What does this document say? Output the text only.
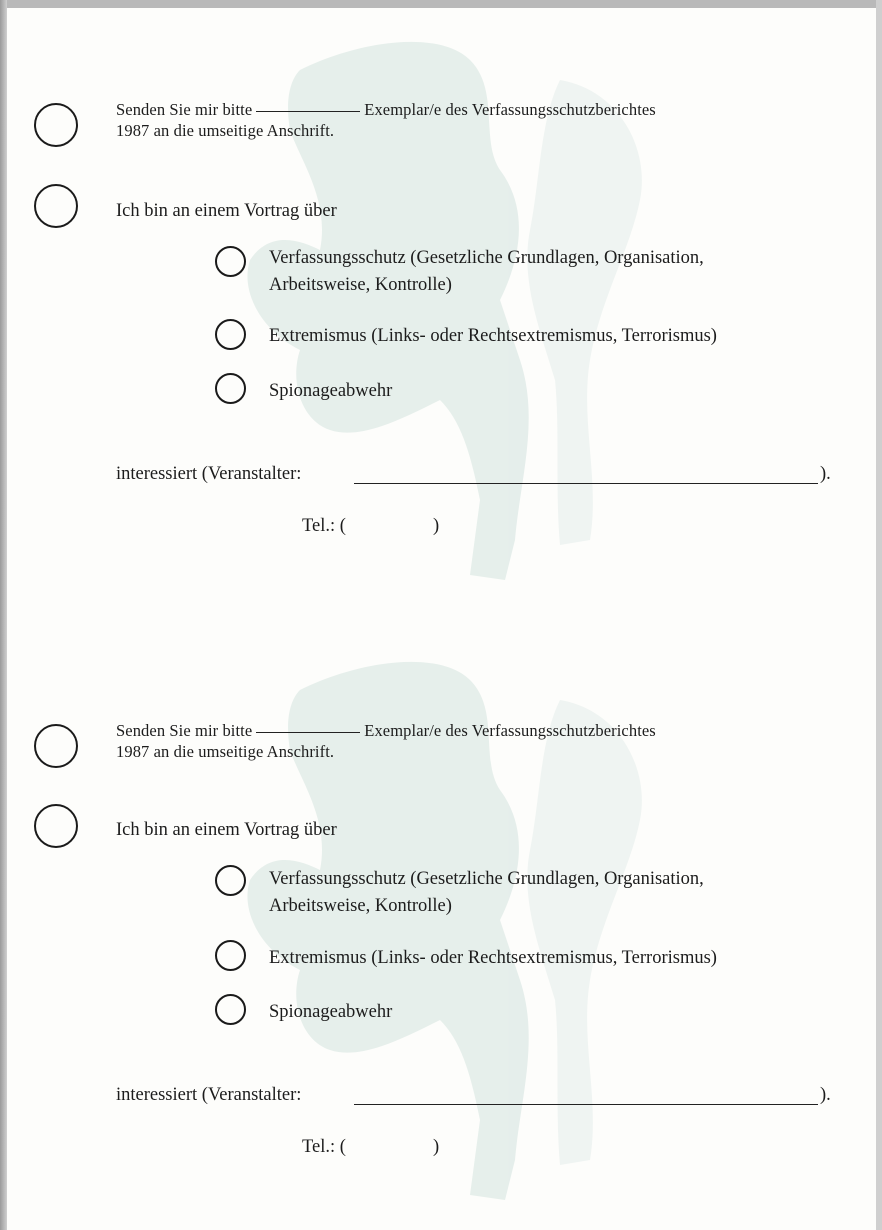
Senden Sie mir bitte	Exemplar/e des Verfassungsschutzberichtes
1987 an die umseitige Anschrift.
Ich bin an einem Vortrag über
Verfassungsschutz (Gesetzliche Grundlagen, Organisation,
Arbeitsweise, Kontrolle)
Extremismus (Links- oder Rechtsextremismus, Terrorismus)
Spionageabwehr
interessiert (Veranstalter:	).
Tel.: (	)
Senden Sie mir bitte	Exemplar/e des Verfassungsschutzberichtes
1987 an die umseitige Anschrift.
Ich bin an einem Vortrag über
Verfassungsschutz (Gesetzliche Grundlagen, Organisation,
Arbeitsweise, Kontrolle)
Extremismus (Links- oder Rechtsextremismus, Terrorismus)
Spionageabwehr
interessiert (Veranstalter:	).
Tel.: (	)
